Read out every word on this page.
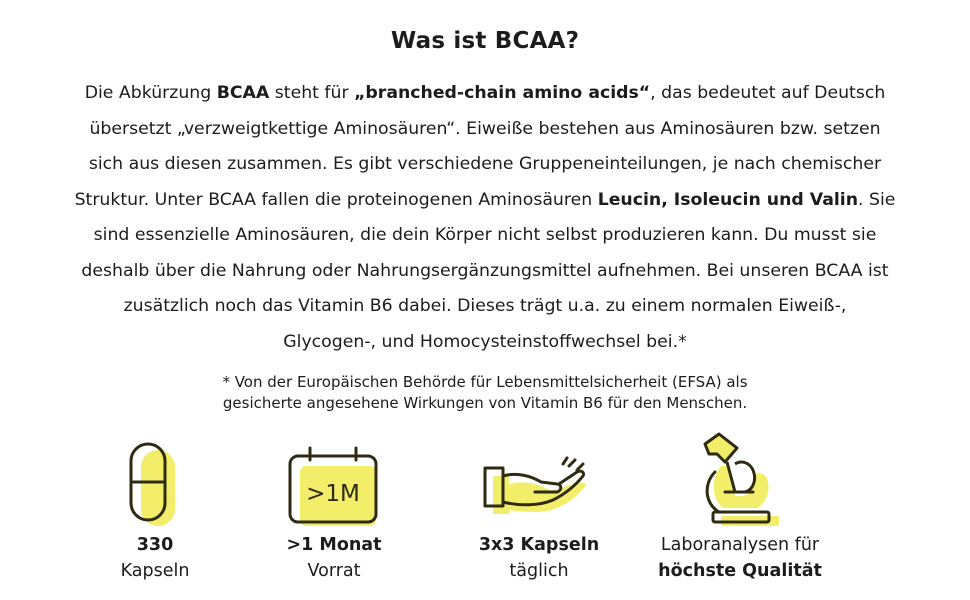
Was ist BCAA?
Die Abkürzung BCAA steht für „branched-chain amino acids“, das bedeutet auf Deutsch
übersetzt „verzweigtkettige Aminosäuren“. Eiweiße bestehen aus Aminosäuren bzw. setzen
sich aus diesen zusammen. Es gibt verschiedene Gruppeneinteilungen, je nach chemischer
Struktur. Unter BCAA fallen die proteinogenen Aminosäuren Leucin, Isoleucin und Valin. Sie
sind essenzielle Aminosäuren, die dein Körper nicht selbst produzieren kann. Du musst sie
deshalb über die Nahrung oder Nahrungsergänzungsmittel aufnehmen. Bei unseren BCAA ist
zusätzlich noch das Vitamin B6 dabei. Dieses trägt u.a. zu einem normalen Eiweiß-,
Glycogen-, und Homocysteinstoffwechsel bei.*
* Von der Europäischen Behörde für Lebensmittelsicherheit (EFSA) als
gesicherte angesehene Wirkungen von Vitamin B6 für den Menschen.
330
Kapseln
>1M
>1 Monat
Vorrat
3x3 Kapseln
täglich
Laboranalysen für
höchste Qualität
